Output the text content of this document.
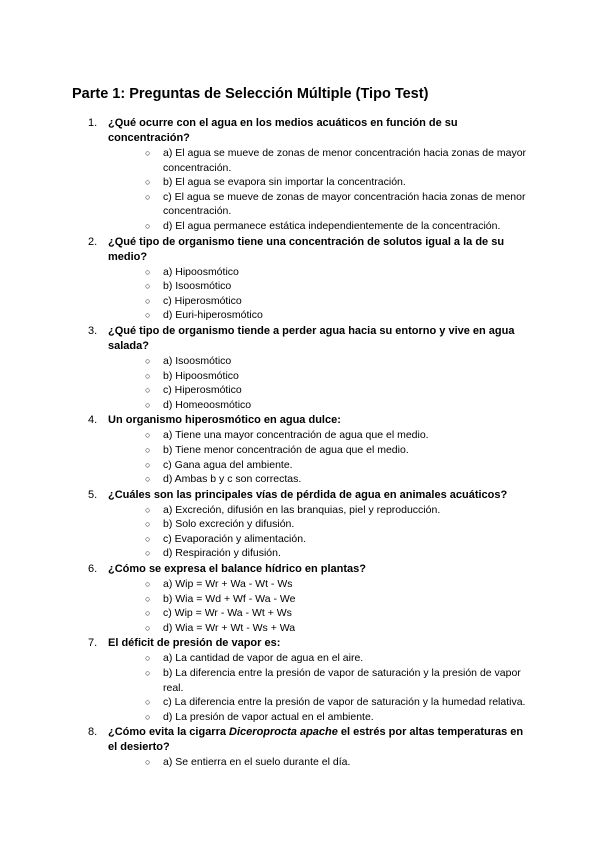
Parte 1: Preguntas de Selección Múltiple (Tipo Test)
1. ¿Qué ocurre con el agua en los medios acuáticos en función de su concentración?
○ a) El agua se mueve de zonas de menor concentración hacia zonas de mayor concentración.
○ b) El agua se evapora sin importar la concentración.
○ c) El agua se mueve de zonas de mayor concentración hacia zonas de menor concentración.
○ d) El agua permanece estática independientemente de la concentración.
2. ¿Qué tipo de organismo tiene una concentración de solutos igual a la de su medio?
○ a) Hipoosmótico
○ b) Isoosmótico
○ c) Hiperosmótico
○ d) Euri-hiperosmótico
3. ¿Qué tipo de organismo tiende a perder agua hacia su entorno y vive en agua salada?
○ a) Isoosmótico
○ b) Hipoosmótico
○ c) Hiperosmótico
○ d) Homeoosmótico
4. Un organismo hiperosmótico en agua dulce:
○ a) Tiene una mayor concentración de agua que el medio.
○ b) Tiene menor concentración de agua que el medio.
○ c) Gana agua del ambiente.
○ d) Ambas b y c son correctas.
5. ¿Cuáles son las principales vías de pérdida de agua en animales acuáticos?
○ a) Excreción, difusión en las branquias, piel y reproducción.
○ b) Solo excreción y difusión.
○ c) Evaporación y alimentación.
○ d) Respiración y difusión.
6. ¿Cómo se expresa el balance hídrico en plantas?
○ a) Wip = Wr + Wa - Wt - Ws
○ b) Wia = Wd + Wf - Wa - We
○ c) Wip = Wr - Wa - Wt + Ws
○ d) Wia = Wr + Wt - Ws + Wa
7. El déficit de presión de vapor es:
○ a) La cantidad de vapor de agua en el aire.
○ b) La diferencia entre la presión de vapor de saturación y la presión de vapor real.
○ c) La diferencia entre la presión de vapor de saturación y la humedad relativa.
○ d) La presión de vapor actual en el ambiente.
8. ¿Cómo evita la cigarra Diceroprocta apache el estrés por altas temperaturas en el desierto?
○ a) Se entierra en el suelo durante el día.
